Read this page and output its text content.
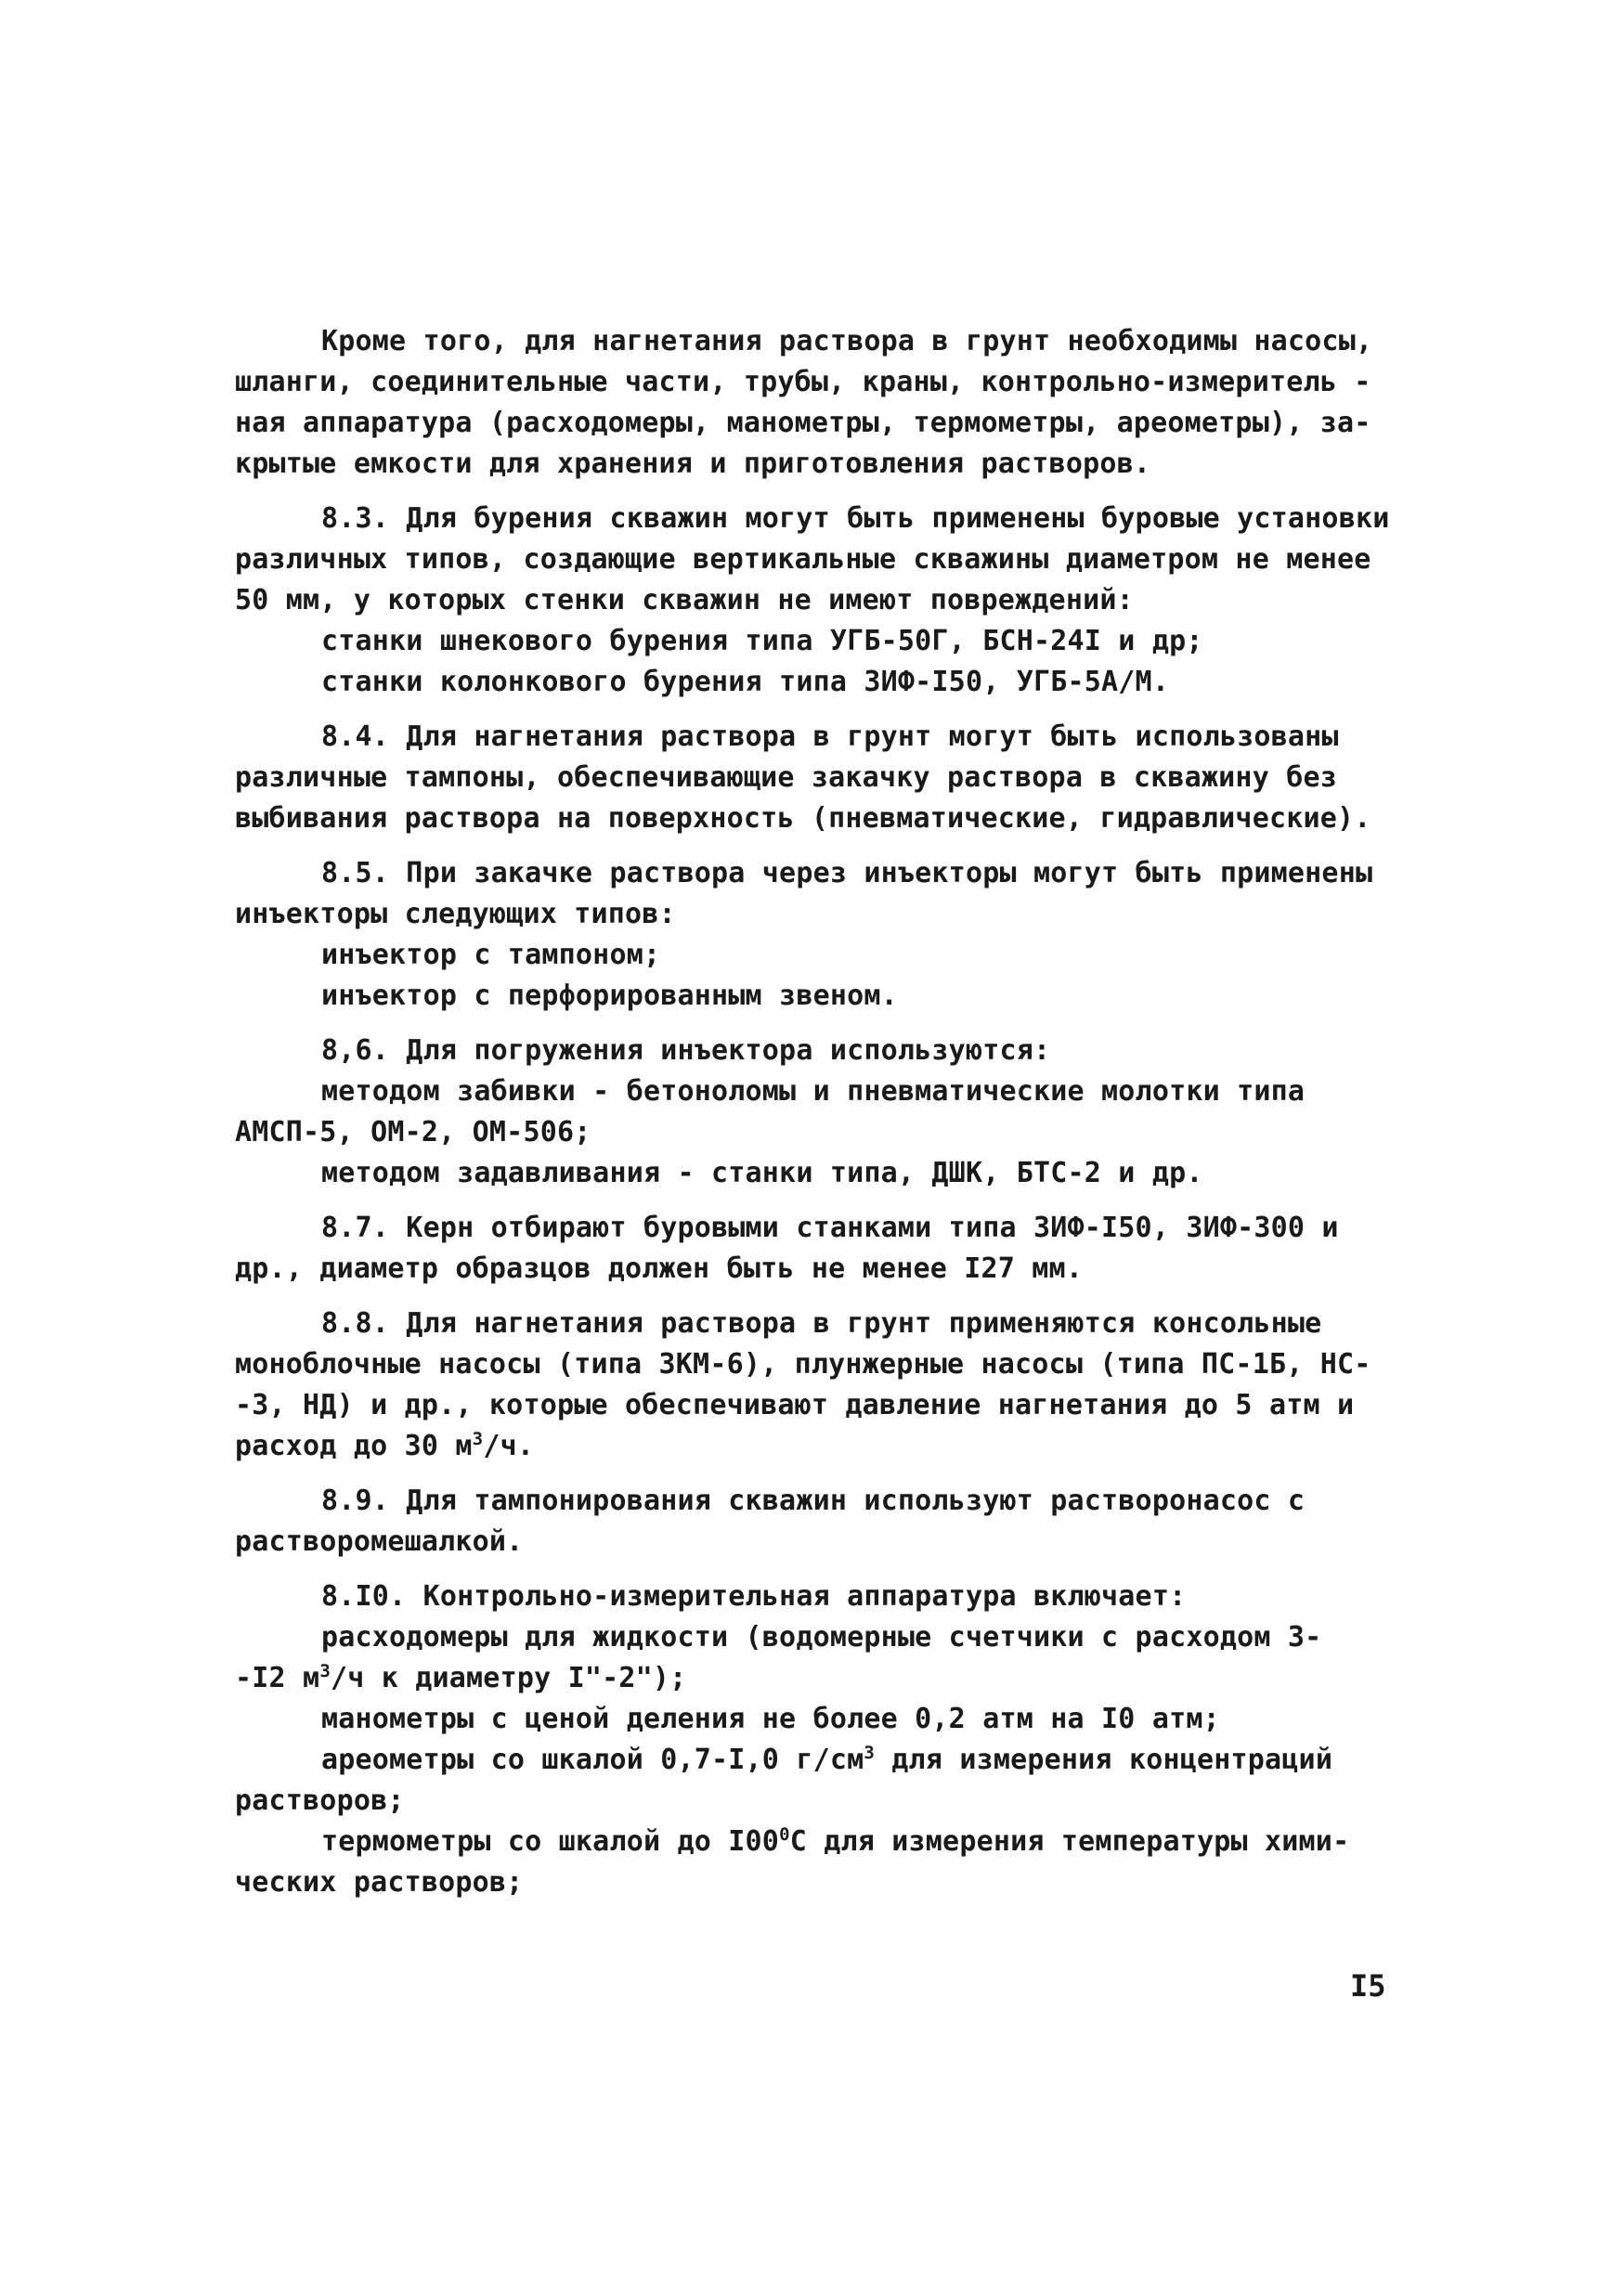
Кроме того, для нагнетания раствора в грунт необходимы насосы,
шланги, соединительные части, трубы, краны, контрольно-измеритель -
ная аппаратура (расходомеры, манометры, термометры, ареометры), за-
крытые емкости для хранения и приготовления растворов.
8.3. Для бурения скважин могут быть применены буровые установки
различных типов, создающие вертикальные скважины диаметром не менее
50 мм, у которых стенки скважин не имеют повреждений:
станки шнекового бурения типа УГБ-50Г, БСН-24I и др;
станки колонкового бурения типа ЗИФ-I50, УГБ-5А/М.
8.4. Для нагнетания раствора в грунт могут быть использованы
различные тампоны, обеспечивающие закачку раствора в скважину без
выбивания раствора на поверхность (пневматические, гидравлические).
8.5. При закачке раствора через инъекторы могут быть применены
инъекторы следующих типов:
инъектор с тампоном;
инъектор с перфорированным звеном.
8,6. Для погружения инъектора используются:
методом забивки - бетоноломы и пневматические молотки типа
АМСП-5, ОМ-2, ОМ-506;
методом задавливания - станки типа, ДШК, БТС-2 и др.
8.7. Керн отбирают буровыми станками типа ЗИФ-I50, ЗИФ-300 и
др., диаметр образцов должен быть не менее I27 мм.
8.8. Для нагнетания раствора в грунт применяются консольные
моноблочные насосы (типа ЗКМ-6), плунжерные насосы (типа ПС-1Б, НС-
-3, НД) и др., которые обеспечивают давление нагнетания до 5 атм и
расход до 30 $м^3/ч$.
8.9. Для тампонирования скважин используют растворонасос с
растворомешалкой.
8.I0. Контрольно-измерительная аппаратура включает:
расходомеры для жидкости (водомерные счетчики с расходом 3-
-I2 $м^3/ч$ к диаметру I"-2");
манометры с ценой деления не более 0,2 атм на I0 атм;
ареометры со шкалой 0,7-I,0 $г/см^3$ для измерения концентраций
растворов;
термометры со шкалой до $I00^0С$ для измерения температуры хими-
ческих растворов;
I5
